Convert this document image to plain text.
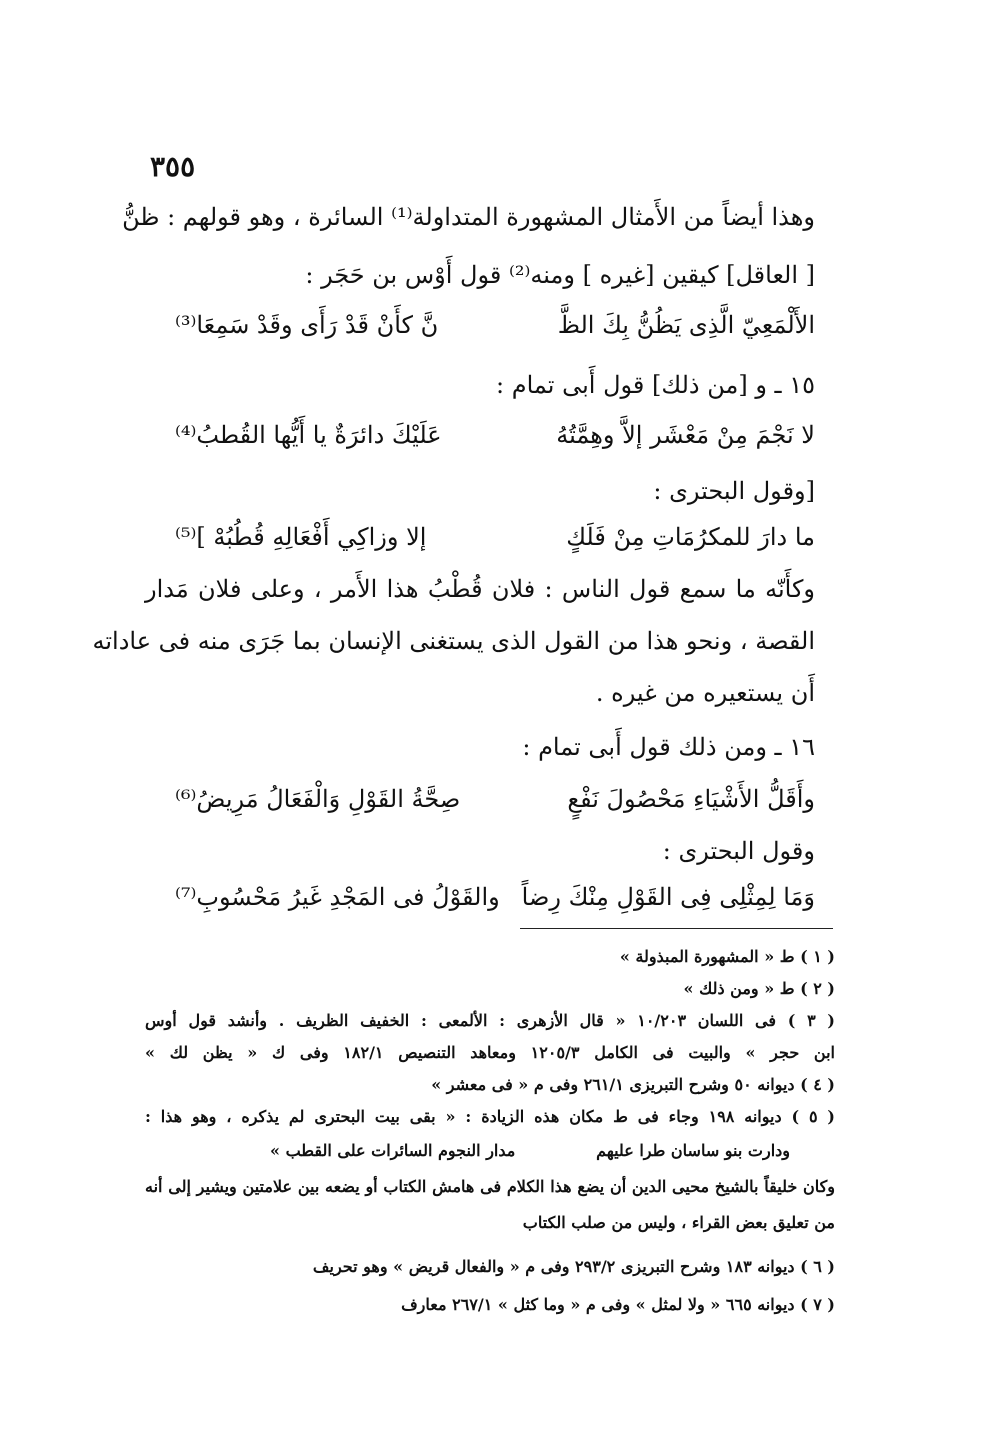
٣٥٥
وهذا أيضاً من الأَمثال المشهورة المتداولة⁽¹⁾ السائرة ، وهو قولهم : ظنُّ
[ العاقل] كيقين [غيره ] ومنه⁽²⁾ قول أَوْس بن حَجَر :
الأَلْمَعِيّ الَّذِى يَظُنُّ بِكَ الظَّ
نَّ كأَنْ قَدْ رَأَى وقَدْ سَمِعَا⁽³⁾
١٥ ـ و [من ذلك] قول أَبى تمام :
لا نَجْمَ مِنْ مَعْشَر إلاَّ وهِمَّتُهُ
عَلَيْكَ دائرَةٌ يا أَيُّها القُطبُ⁽⁴⁾
[وقول البحترى :
ما دارَ للمكرُمَاتِ مِنْ فَلَكٍ
إلا وزاكِي أَفْعَالِهِ قُطُبُهْ ]⁽⁵⁾
وكأَنّه ما سمع قول الناس : فلان قُطْبُ هذا الأَمر ، وعلى فلان مَدار
القصة ، ونحو هذا من القول الذى يستغنى الإنسان بما جَرَى منه فى عاداته
أَن يستعيره من غيره .
١٦ ـ ومن ذلك قول أَبى تمام :
وأَقَلُّ الأَشْيَاءِ مَحْصُولَ نَفْعٍ
صِحَّةُ القَوْلِ وَالْفَعَالُ مَرِيضُ⁽⁶⁾
وقول البحترى :
وَمَا لِمِثْلِى فِى القَوْلِ مِنْكَ رِضاً
والقَوْلُ فى المَجْدِ غَيرُ مَحْسُوبِ⁽⁷⁾
( ١ ) ط « المشهورة المبذولة »
( ٢ ) ط « ومن ذلك »
( ٣ ) فى اللسان ١٠/٢٠٣ « قال الأزهرى : الألمعى : الخفيف الظريف . وأنشد قول أوس
ابن حجر » والبيت فى الكامل ١٢٠٥/٣ ومعاهد التنصيص ١٨٢/١ وفى ك « يظن لك »
( ٤ ) ديوانه ٥٠ وشرح التبريزى ٢٦١/١ وفى م « فى معشر »
( ٥ ) ديوانه ١٩٨ وجاء فى ط مكان هذه الزيادة : « بقى بيت البحترى لم يذكره ، وهو هذا :
ودارت بنو ساسان طرا عليهم
مدار النجوم السائرات على القطب »
وكان خليقاً بالشيخ محيى الدين أن يضع هذا الكلام فى هامش الكتاب أو يضعه بين علامتين ويشير إلى أنه
من تعليق بعض القراء ، وليس من صلب الكتاب
( ٦ ) ديوانه ١٨٣ وشرح التبريزى ٢٩٣/٢ وفى م « والفعال قريض » وهو تحريف
( ٧ ) ديوانه ٦٦٥ « ولا لمثل » وفى م « وما كثل » ٢٦٧/١ معارف
